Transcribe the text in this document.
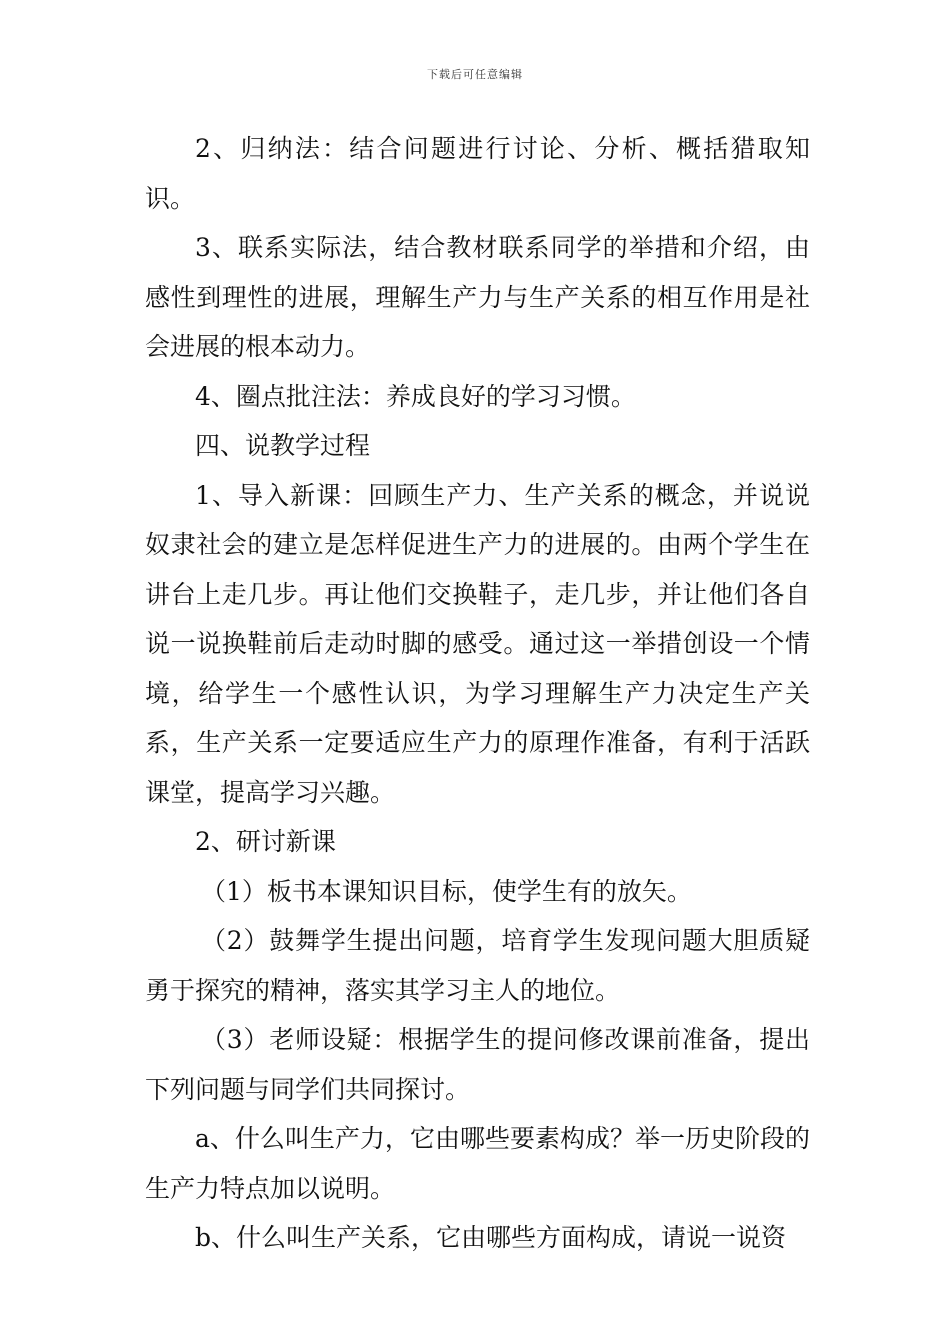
下载后可任意编辑

2、归纳法：结合问题进行讨论、分析、概括猎取知识。

3、联系实际法，结合教材联系同学的举措和介绍，由感性到理性的进展，理解生产力与生产关系的相互作用是社会进展的根本动力。

4、圈点批注法：养成良好的学习习惯。

四、说教学过程

1、导入新课：回顾生产力、生产关系的概念，并说说奴隶社会的建立是怎样促进生产力的进展的。由两个学生在讲台上走几步。再让他们交换鞋子，走几步，并让他们各自说一说换鞋前后走动时脚的感受。通过这一举措创设一个情境，给学生一个感性认识，为学习理解生产力决定生产关系，生产关系一定要适应生产力的原理作准备，有利于活跃课堂，提高学习兴趣。

2、研讨新课

（1）板书本课知识目标，使学生有的放矢。

（2）鼓舞学生提出问题，培育学生发现问题大胆质疑勇于探究的精神，落实其学习主人的地位。

（3）老师设疑：根据学生的提问修改课前准备，提出下列问题与同学们共同探讨。

a、什么叫生产力，它由哪些要素构成？举一历史阶段的生产力特点加以说明。

b、什么叫生产关系，它由哪些方面构成，请说一说资
